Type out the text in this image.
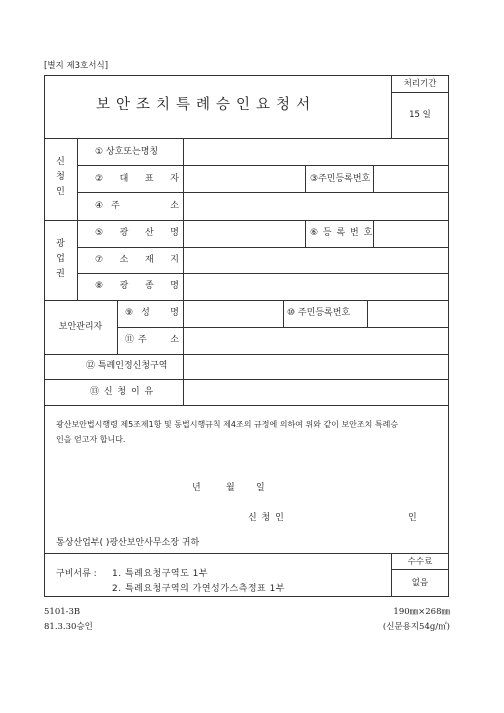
[별지 제3호서식]
보안조치특례승인요청서
처리기간
15 일
신
청
인
① 상호또는명칭
② 대 표 자	③주민등록번호
④ 주	소
광
업
권
⑤ 광 산 명	⑥ 등 록 번 호
⑦ 소 재 지
⑧ 광 종 명
보안관리자
⑨ 성 명	⑩ 주민등록번호
⑪ 주	소
⑫ 특례인정신청구역
⑬ 신 청 이 유
광산보안법시행령 제5조제1항 및 동법시행규칙 제4조의 규정에 의하여 위와 같이 보안조치 특례승
인을 얻고자 합니다.
년	월 일
신 청 인	인
통상산업부( )광산보안사무소장 귀하
구비서류 : 1. 특례요청구역도 1부
2. 특례요청구역의 가연성가스측정표 1부
수수료
없음
5101-3B
81.3.30승인
190㎜×268㎜
(신문용지54g/㎡)
